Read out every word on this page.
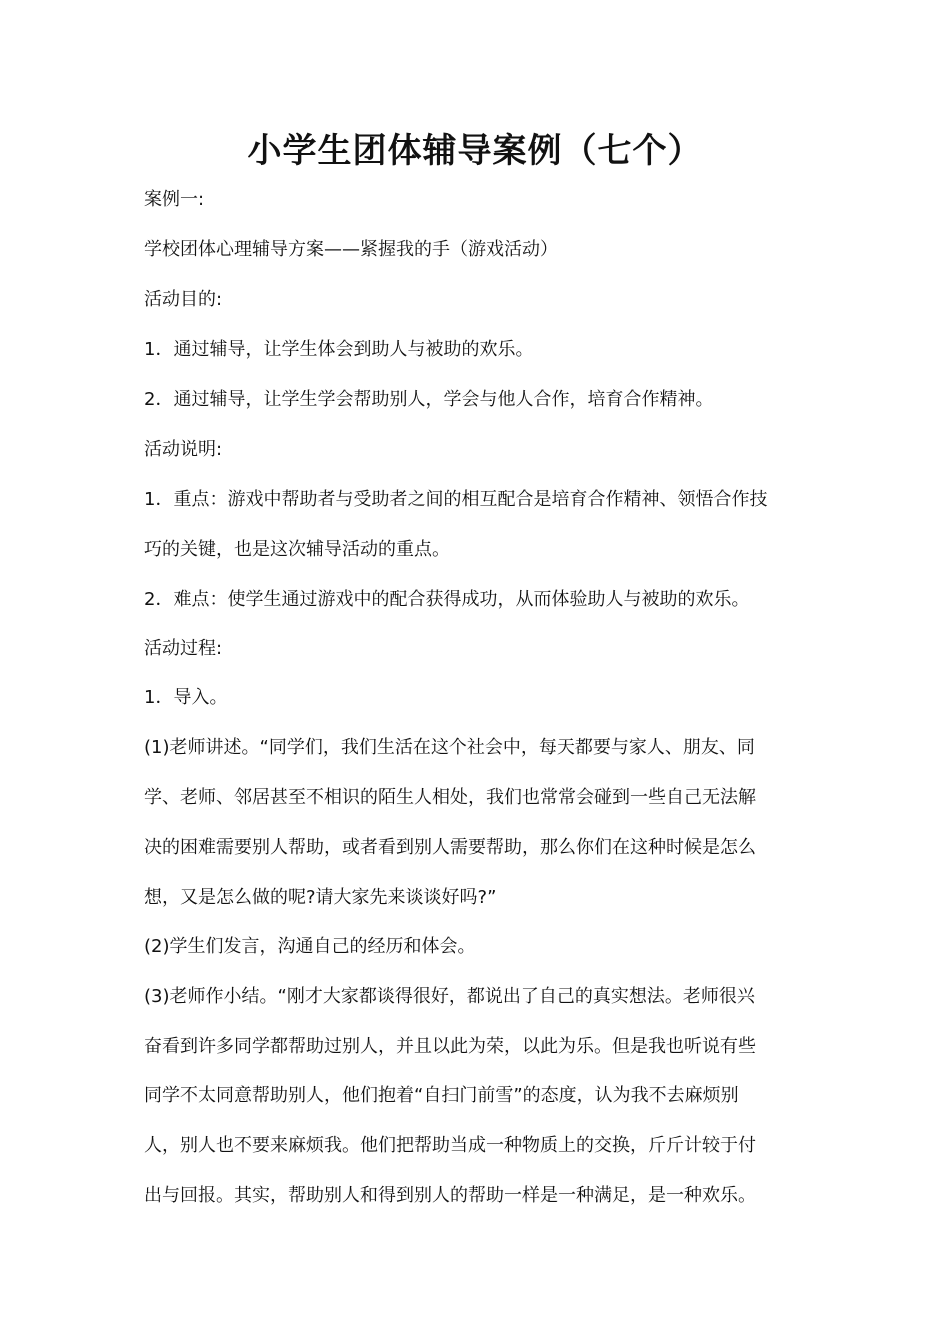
小学生团体辅导案例（七个）
案例一:
学校团体心理辅导方案——紧握我的手（游戏活动）
活动目的:
1．通过辅导，让学生体会到助人与被助的欢乐。
2．通过辅导，让学生学会帮助别人，学会与他人合作，培育合作精神。
活动说明:
1．重点：游戏中帮助者与受助者之间的相互配合是培育合作精神、领悟合作技
巧的关键，也是这次辅导活动的重点。
2．难点：使学生通过游戏中的配合获得成功，从而体验助人与被助的欢乐。
活动过程:
1．导入。
(1)老师讲述。“同学们，我们生活在这个社会中，每天都要与家人、朋友、同
学、老师、邻居甚至不相识的陌生人相处，我们也常常会碰到一些自己无法解
决的困难需要别人帮助，或者看到别人需要帮助，那么你们在这种时候是怎么
想，又是怎么做的呢?请大家先来谈谈好吗?”
(2)学生们发言，沟通自己的经历和体会。
(3)老师作小结。“刚才大家都谈得很好，都说出了自己的真实想法。老师很兴
奋看到许多同学都帮助过别人，并且以此为荣，以此为乐。但是我也听说有些
同学不太同意帮助别人，他们抱着“自扫门前雪”的态度，认为我不去麻烦别
人，别人也不要来麻烦我。他们把帮助当成一种物质上的交换，斤斤计较于付
出与回报。其实，帮助别人和得到别人的帮助一样是一种满足，是一种欢乐。
